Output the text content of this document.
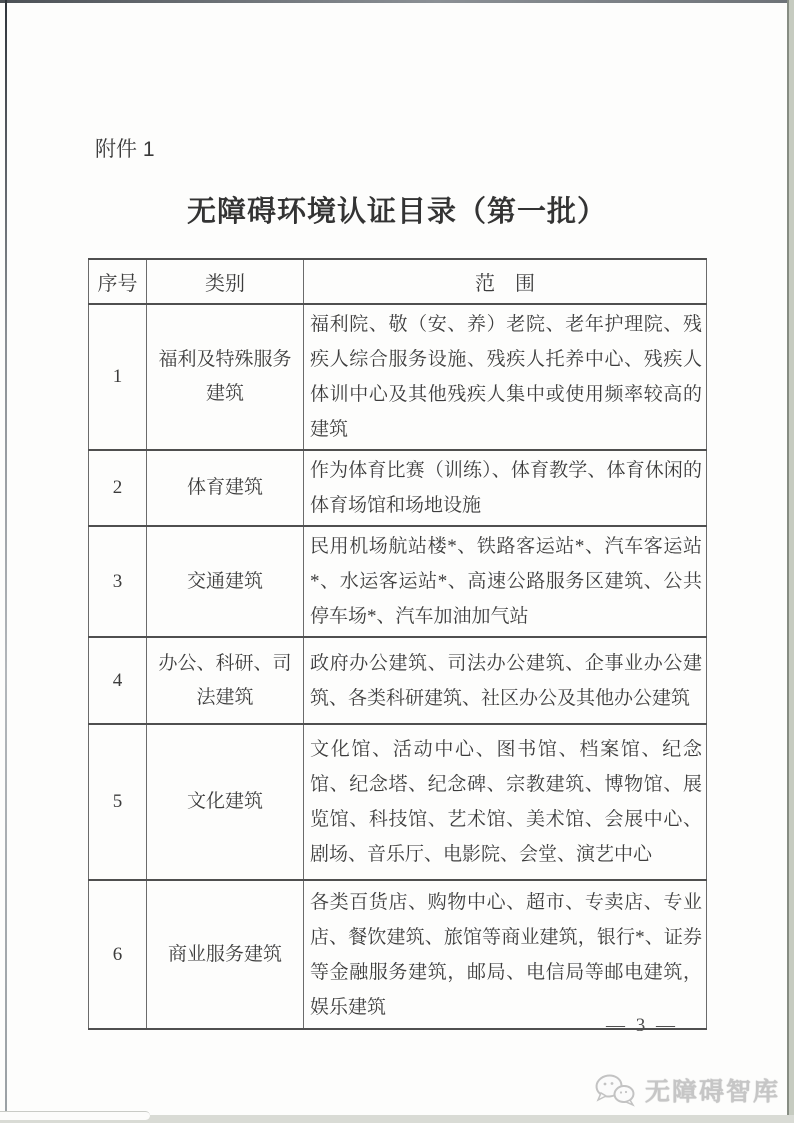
附件 1
无障碍环境认证目录（第一批）
序号	类别	范　围
1	福利及特殊服务建筑	福利院、敬（安、养）老院、老年护理院、残疾人综合服务设施、残疾人托养中心、残疾人体训中心及其他残疾人集中或使用频率较高的建筑
2	体育建筑	作为体育比赛（训练）、体育教学、体育休闲的体育场馆和场地设施
3	交通建筑	民用机场航站楼*、铁路客运站*、汽车客运站*、水运客运站*、高速公路服务区建筑、公共停车场*、汽车加油加气站
4	办公、科研、司法建筑	政府办公建筑、司法办公建筑、企事业办公建筑、各类科研建筑、社区办公及其他办公建筑
5	文化建筑	文化馆、活动中心、图书馆、档案馆、纪念馆、纪念塔、纪念碑、宗教建筑、博物馆、展览馆、科技馆、艺术馆、美术馆、会展中心、剧场、音乐厅、电影院、会堂、演艺中心
6	商业服务建筑	各类百货店、购物中心、超市、专卖店、专业店、餐饮建筑、旅馆等商业建筑，银行*、证券等金融服务建筑，邮局、电信局等邮电建筑，娱乐建筑
— 3 —
无障碍智库
